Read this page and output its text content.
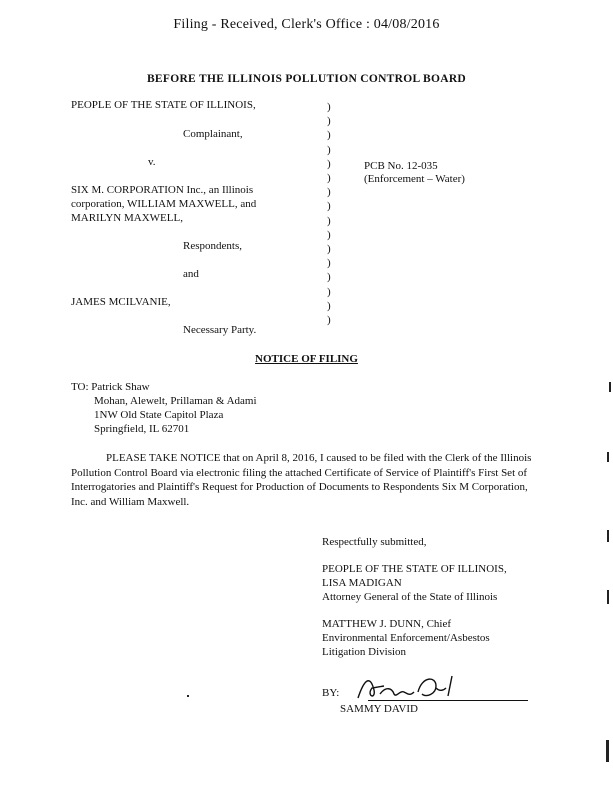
Filing - Received, Clerk's Office : 04/08/2016
BEFORE THE ILLINOIS POLLUTION CONTROL BOARD
PEOPLE OF THE STATE OF ILLINOIS,
Complainant,
v.
SIX M. CORPORATION Inc., an Illinois
corporation, WILLIAM MAXWELL, and
MARILYN MAXWELL,
Respondents,
and
JAMES MCILVANIE,
Necessary Party.
)
)
)
)
)
)
)
)
)
)
)
)
)
)
)
)
PCB No. 12-035
(Enforcement – Water)
NOTICE OF FILING
TO: Patrick Shaw
Mohan, Alewelt, Prillaman & Adami
1NW Old State Capitol Plaza
Springfield, IL 62701
PLEASE TAKE NOTICE that on April 8, 2016, I caused to be filed with the Clerk of the Illinois Pollution Control Board via electronic filing the attached Certificate of Service of Plaintiff's First Set of Interrogatories and Plaintiff's Request for Production of Documents to Respondents Six M Corporation, Inc. and William Maxwell.
Respectfully submitted,
PEOPLE OF THE STATE OF ILLINOIS,
LISA MADIGAN
Attorney General of the State of Illinois
MATTHEW J. DUNN, Chief
Environmental Enforcement/Asbestos
Litigation Division
BY:
SAMMY DAVID
